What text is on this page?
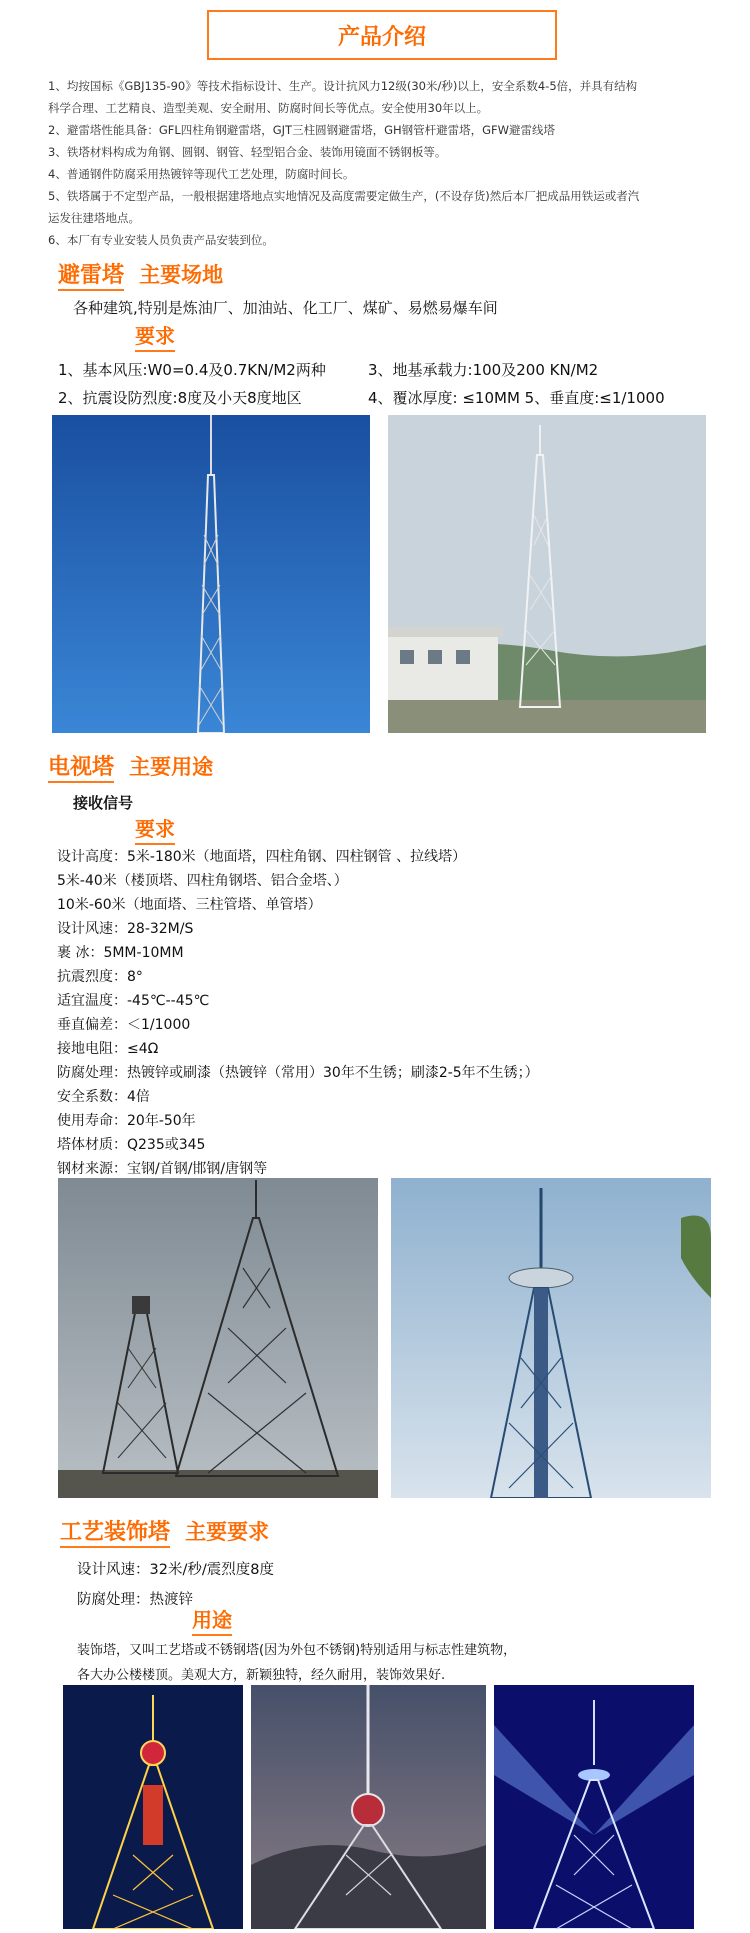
产品介绍
1、均按国标《GBJ135-90》等技术指标设计、生产。设计抗风力12级(30米/秒)以上，安全系数4-5倍，并具有结构
科学合理、工艺精良、造型美观、安全耐用、防腐时间长等优点。安全使用30年以上。
2、避雷塔性能具备：GFL四柱角钢避雷塔，GJT三柱圆钢避雷塔，GH钢管杆避雷塔，GFW避雷线塔
3、铁塔材料构成为角钢、圆钢、钢管、轻型铝合金、装饰用镜面不锈钢板等。
4、普通钢件防腐采用热镀锌等现代工艺处理，防腐时间长。
5、铁塔属于不定型产品，一般根据建塔地点实地情况及高度需要定做生产，(不设存货)然后本厂把成品用铁运或者汽
运发往建塔地点。
6、本厂有专业安装人员负责产品安装到位。
避雷塔 主要场地
各种建筑,特别是炼油厂、加油站、化工厂、煤矿、易燃易爆车间
要求
1、基本风压:W0=0.4及0.7KN/M2两种
2、抗震设防烈度:8度及小天8度地区
3、地基承载力:100及200 KN/M2
4、覆冰厚度: ≤10MM 5、垂直度:≤1/1000
电视塔 主要用途
接收信号
要求
设计高度：5米-180米（地面塔，四柱角钢、四柱钢管 、拉线塔）
5米-40米（楼顶塔、四柱角钢塔、铝合金塔、）
10米-60米（地面塔、三柱管塔、单管塔）
设计风速：28-32M/S
裹 冰：5MM-10MM
抗震烈度：8°
适宜温度：-45℃--45℃
垂直偏差：＜1/1000
接地电阻：≤4Ω
防腐处理：热镀锌或刷漆（热镀锌（常用）30年不生锈；刷漆2-5年不生锈；）
安全系数：4倍
使用寿命：20年-50年
塔体材质：Q235或345
钢材来源：宝钢/首钢/邯钢/唐钢等
工艺装饰塔 主要要求
设计风速：32米/秒/震烈度8度
防腐处理：热渡锌
用途
装饰塔，又叫工艺塔或不锈钢塔(因为外包不锈钢)特别适用与标志性建筑物，
各大办公楼楼顶。美观大方，新颖独特，经久耐用，装饰效果好.
